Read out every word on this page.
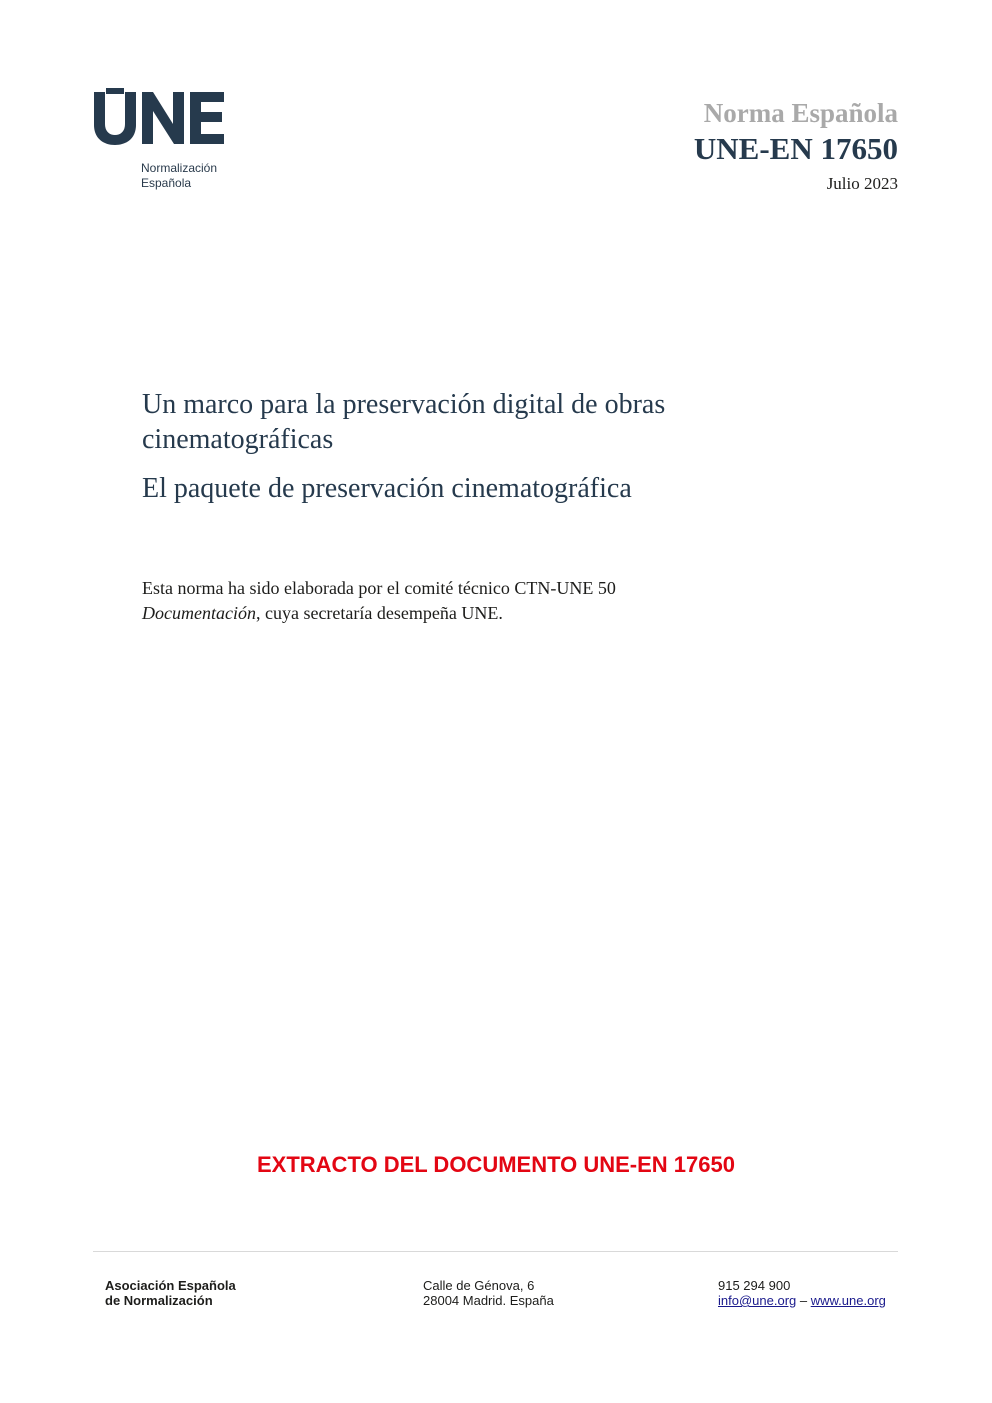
Normalización
Española
Norma Española
UNE-EN 17650
Julio 2023
Un marco para la preservación digital de obras cinematográficas
El paquete de preservación cinematográfica
Esta norma ha sido elaborada por el comité técnico CTN-UNE 50 Documentación, cuya secretaría desempeña UNE.
EXTRACTO DEL DOCUMENTO UNE-EN 17650
Asociación Española
de Normalización
Calle de Génova, 6
28004 Madrid. España
915 294 900
info@une.org – www.une.org
